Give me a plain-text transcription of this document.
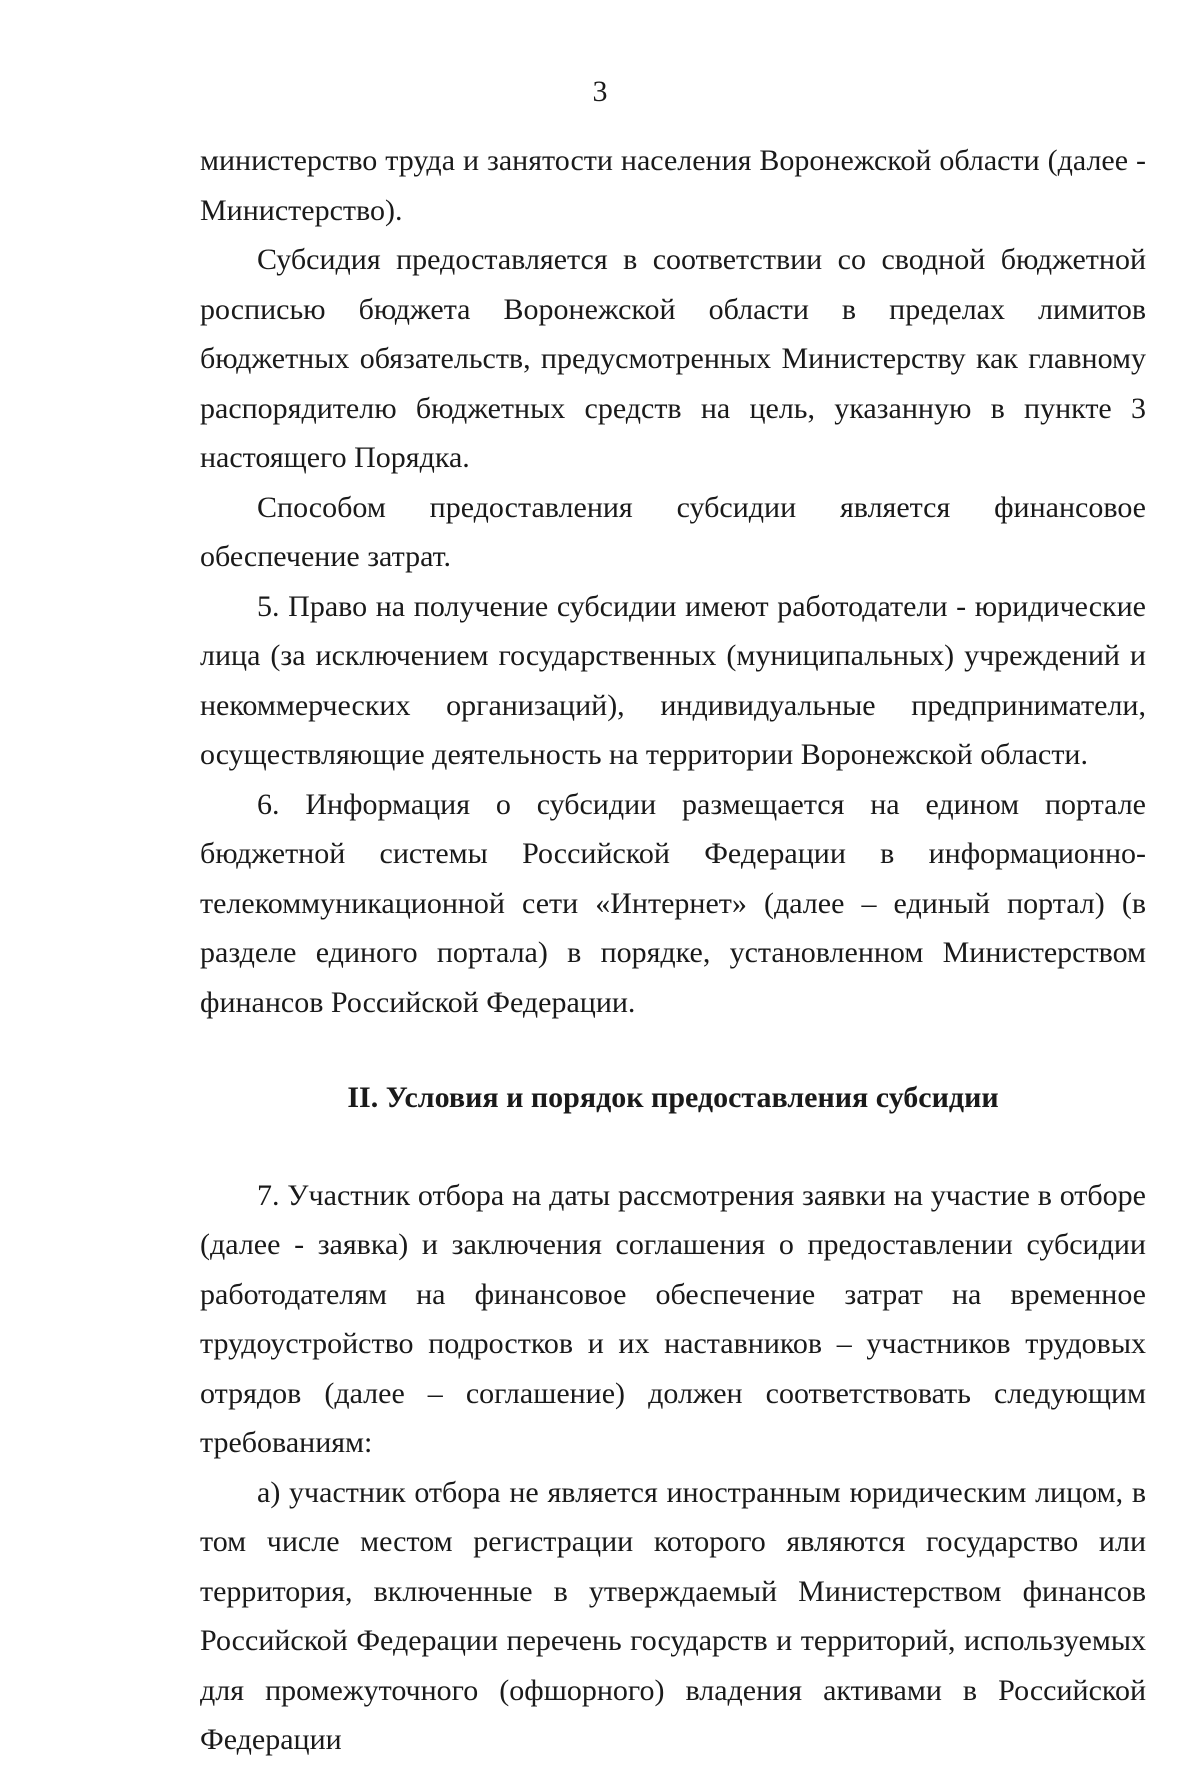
3

министерство труда и занятости населения Воронежской области (далее - Министерство).

Субсидия предоставляется в соответствии со сводной бюджетной росписью бюджета Воронежской области в пределах лимитов бюджетных обязательств, предусмотренных Министерству как главному распорядителю бюджетных средств на цель, указанную в пункте 3 настоящего Порядка.

Способом предоставления субсидии является финансовое обеспечение затрат.

5. Право на получение субсидии имеют работодатели - юридические лица (за исключением государственных (муниципальных) учреждений и некоммерческих организаций), индивидуальные предприниматели, осуществляющие деятельность на территории Воронежской области.

6. Информация о субсидии размещается на едином портале бюджетной системы Российской Федерации в информационно-телекоммуникационной сети «Интернет» (далее – единый портал) (в разделе единого портала) в порядке, установленном Министерством финансов Российской Федерации.

II. Условия и порядок предоставления субсидии

7. Участник отбора на даты рассмотрения заявки на участие в отборе (далее - заявка) и заключения соглашения о предоставлении субсидии работодателям на финансовое обеспечение затрат на временное трудоустройство подростков и их наставников – участников трудовых отрядов (далее – соглашение) должен соответствовать следующим требованиям:

а) участник отбора не является иностранным юридическим лицом, в том числе местом регистрации которого являются государство или территория, включенные в утверждаемый Министерством финансов Российской Федерации перечень государств и территорий, используемых для промежуточного (офшорного) владения активами в Российской Федерации
